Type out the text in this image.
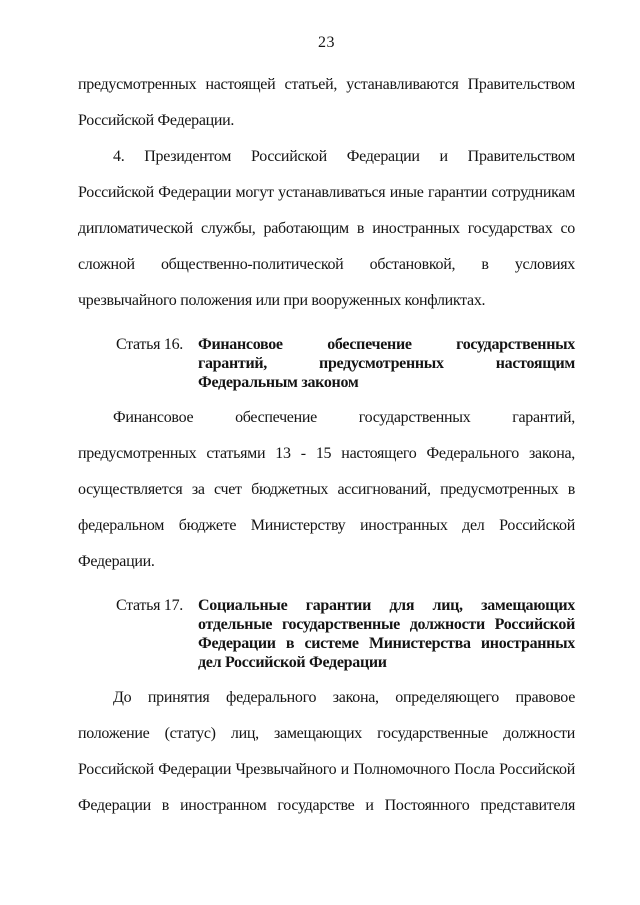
23
предусмотренных настоящей статьей, устанавливаются Правительством
Российской Федерации.
4. Президентом Российской Федерации и Правительством
Российской Федерации могут устанавливаться иные гарантии сотрудникам
дипломатической службы, работающим в иностранных государствах со
сложной общественно-политической обстановкой, в условиях
чрезвычайного положения или при вооруженных конфликтах.
Статья 16. Финансовое обеспечение государственных
гарантий, предусмотренных настоящим
Федеральным законом
Финансовое обеспечение государственных гарантий,
предусмотренных статьями 13 - 15 настоящего Федерального закона,
осуществляется за счет бюджетных ассигнований, предусмотренных в
федеральном бюджете Министерству иностранных дел Российской
Федерации.
Статья 17. Социальные гарантии для лиц, замещающих
отдельные государственные должности Российской
Федерации в системе Министерства иностранных
дел Российской Федерации
До принятия федерального закона, определяющего правовое
положение (статус) лиц, замещающих государственные должности
Российской Федерации Чрезвычайного и Полномочного Посла Российской
Федерации в иностранном государстве и Постоянного представителя
